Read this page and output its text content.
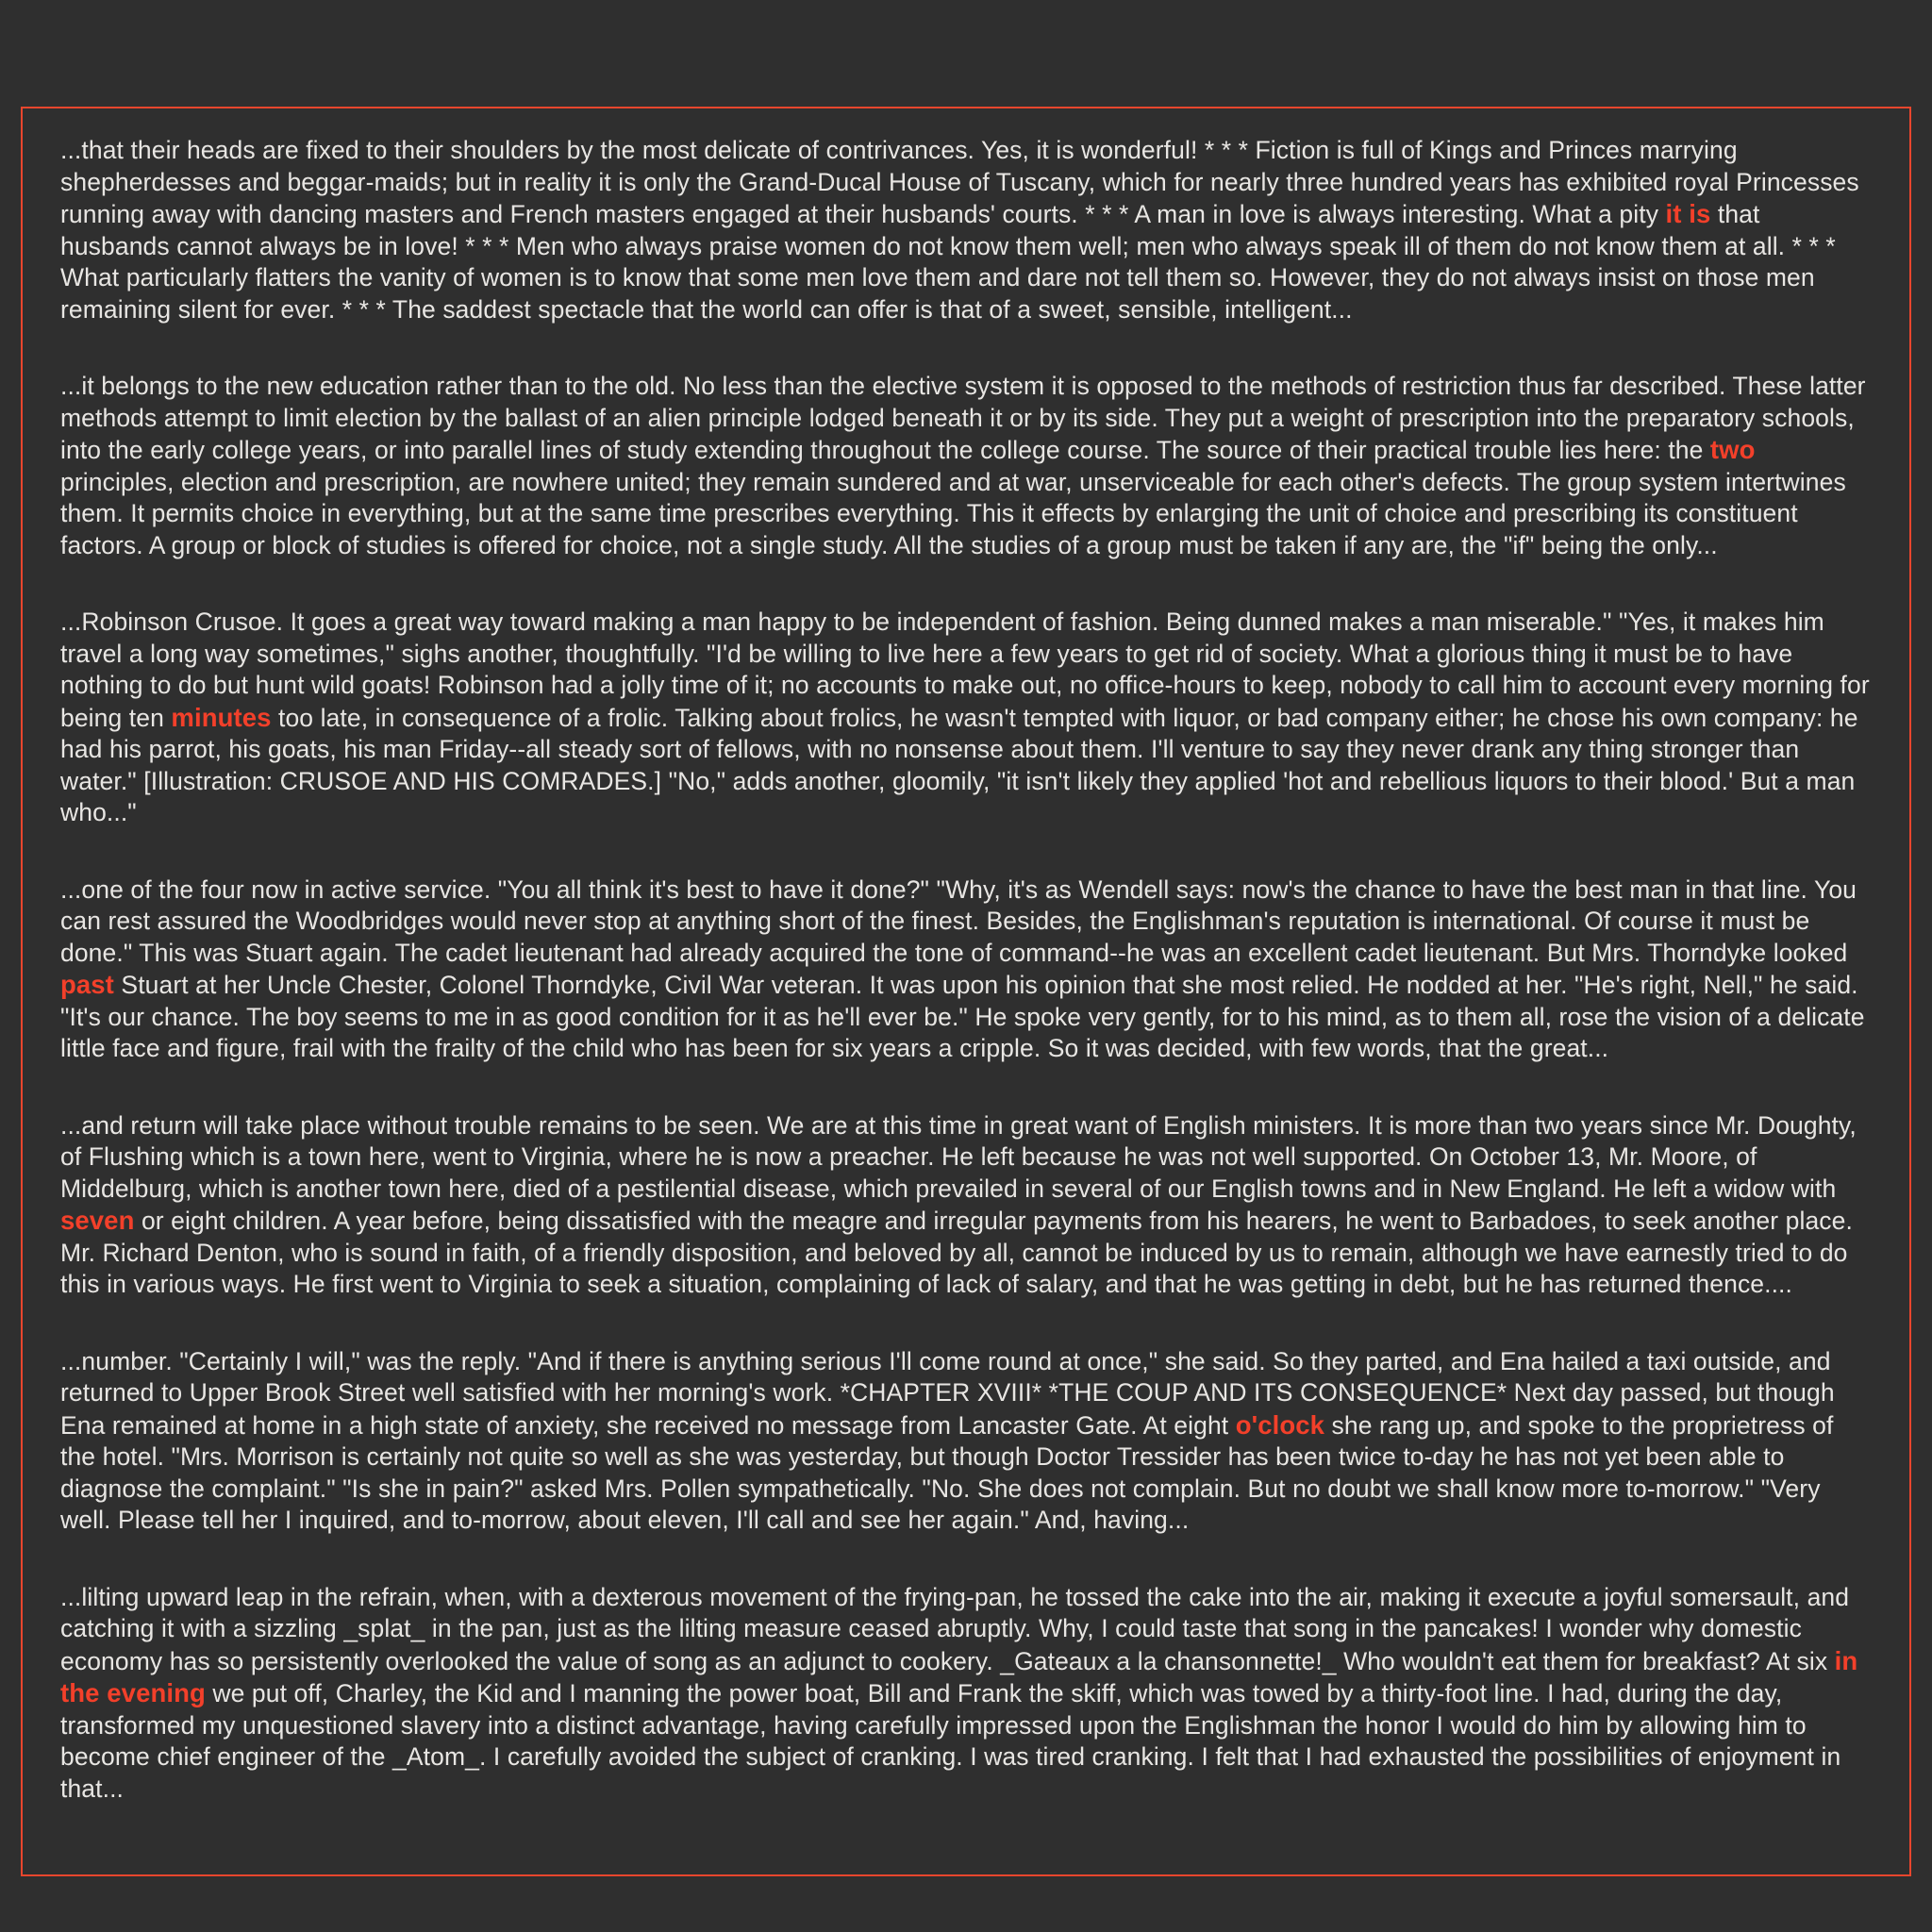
...that their heads are fixed to their shoulders by the most delicate of contrivances. Yes, it is wonderful! * * * Fiction is full of Kings and Princes marrying shepherdesses and beggar-maids; but in reality it is only the Grand-Ducal House of Tuscany, which for nearly three hundred years has exhibited royal Princesses running away with dancing masters and French masters engaged at their husbands' courts. * * * A man in love is always interesting. What a pity it is that husbands cannot always be in love! * * * Men who always praise women do not know them well; men who always speak ill of them do not know them at all. * * * What particularly flatters the vanity of women is to know that some men love them and dare not tell them so. However, they do not always insist on those men remaining silent for ever. * * * The saddest spectacle that the world can offer is that of a sweet, sensible, intelligent...

...it belongs to the new education rather than to the old. No less than the elective system it is opposed to the methods of restriction thus far described. These latter methods attempt to limit election by the ballast of an alien principle lodged beneath it or by its side. They put a weight of prescription into the preparatory schools, into the early college years, or into parallel lines of study extending throughout the college course. The source of their practical trouble lies here: the two principles, election and prescription, are nowhere united; they remain sundered and at war, unserviceable for each other's defects. The group system intertwines them. It permits choice in everything, but at the same time prescribes everything. This it effects by enlarging the unit of choice and prescribing its constituent factors. A group or block of studies is offered for choice, not a single study. All the studies of a group must be taken if any are, the "if" being the only...

...Robinson Crusoe. It goes a great way toward making a man happy to be independent of fashion. Being dunned makes a man miserable." "Yes, it makes him travel a long way sometimes," sighs another, thoughtfully. "I'd be willing to live here a few years to get rid of society. What a glorious thing it must be to have nothing to do but hunt wild goats! Robinson had a jolly time of it; no accounts to make out, no office-hours to keep, nobody to call him to account every morning for being ten minutes too late, in consequence of a frolic. Talking about frolics, he wasn't tempted with liquor, or bad company either; he chose his own company: he had his parrot, his goats, his man Friday--all steady sort of fellows, with no nonsense about them. I'll venture to say they never drank any thing stronger than water." [Illustration: CRUSOE AND HIS COMRADES.] "No," adds another, gloomily, "it isn't likely they applied 'hot and rebellious liquors to their blood.' But a man who..."

...one of the four now in active service. "You all think it's best to have it done?" "Why, it's as Wendell says: now's the chance to have the best man in that line. You can rest assured the Woodbridges would never stop at anything short of the finest. Besides, the Englishman's reputation is international. Of course it must be done." This was Stuart again. The cadet lieutenant had already acquired the tone of command--he was an excellent cadet lieutenant. But Mrs. Thorndyke looked past Stuart at her Uncle Chester, Colonel Thorndyke, Civil War veteran. It was upon his opinion that she most relied. He nodded at her. "He's right, Nell," he said. "It's our chance. The boy seems to me in as good condition for it as he'll ever be." He spoke very gently, for to his mind, as to them all, rose the vision of a delicate little face and figure, frail with the frailty of the child who has been for six years a cripple. So it was decided, with few words, that the great...

...and return will take place without trouble remains to be seen. We are at this time in great want of English ministers. It is more than two years since Mr. Doughty, of Flushing which is a town here, went to Virginia, where he is now a preacher. He left because he was not well supported. On October 13, Mr. Moore, of Middelburg, which is another town here, died of a pestilential disease, which prevailed in several of our English towns and in New England. He left a widow with seven or eight children. A year before, being dissatisfied with the meagre and irregular payments from his hearers, he went to Barbadoes, to seek another place. Mr. Richard Denton, who is sound in faith, of a friendly disposition, and beloved by all, cannot be induced by us to remain, although we have earnestly tried to do this in various ways. He first went to Virginia to seek a situation, complaining of lack of salary, and that he was getting in debt, but he has returned thence....

...number. "Certainly I will," was the reply. "And if there is anything serious I'll come round at once," she said. So they parted, and Ena hailed a taxi outside, and returned to Upper Brook Street well satisfied with her morning's work. *CHAPTER XVIII* *THE COUP AND ITS CONSEQUENCE* Next day passed, but though Ena remained at home in a high state of anxiety, she received no message from Lancaster Gate. At eight o'clock she rang up, and spoke to the proprietress of the hotel. "Mrs. Morrison is certainly not quite so well as she was yesterday, but though Doctor Tressider has been twice to-day he has not yet been able to diagnose the complaint." "Is she in pain?" asked Mrs. Pollen sympathetically. "No. She does not complain. But no doubt we shall know more to-morrow." "Very well. Please tell her I inquired, and to-morrow, about eleven, I'll call and see her again." And, having...

...lilting upward leap in the refrain, when, with a dexterous movement of the frying-pan, he tossed the cake into the air, making it execute a joyful somersault, and catching it with a sizzling _splat_ in the pan, just as the lilting measure ceased abruptly. Why, I could taste that song in the pancakes! I wonder why domestic economy has so persistently overlooked the value of song as an adjunct to cookery. _Gateaux a la chansonnette!_ Who wouldn't eat them for breakfast? At six in the evening we put off, Charley, the Kid and I manning the power boat, Bill and Frank the skiff, which was towed by a thirty-foot line. I had, during the day, transformed my unquestioned slavery into a distinct advantage, having carefully impressed upon the Englishman the honor I would do him by allowing him to become chief engineer of the _Atom_. I carefully avoided the subject of cranking. I was tired cranking. I felt that I had exhausted the possibilities of enjoyment in that...
